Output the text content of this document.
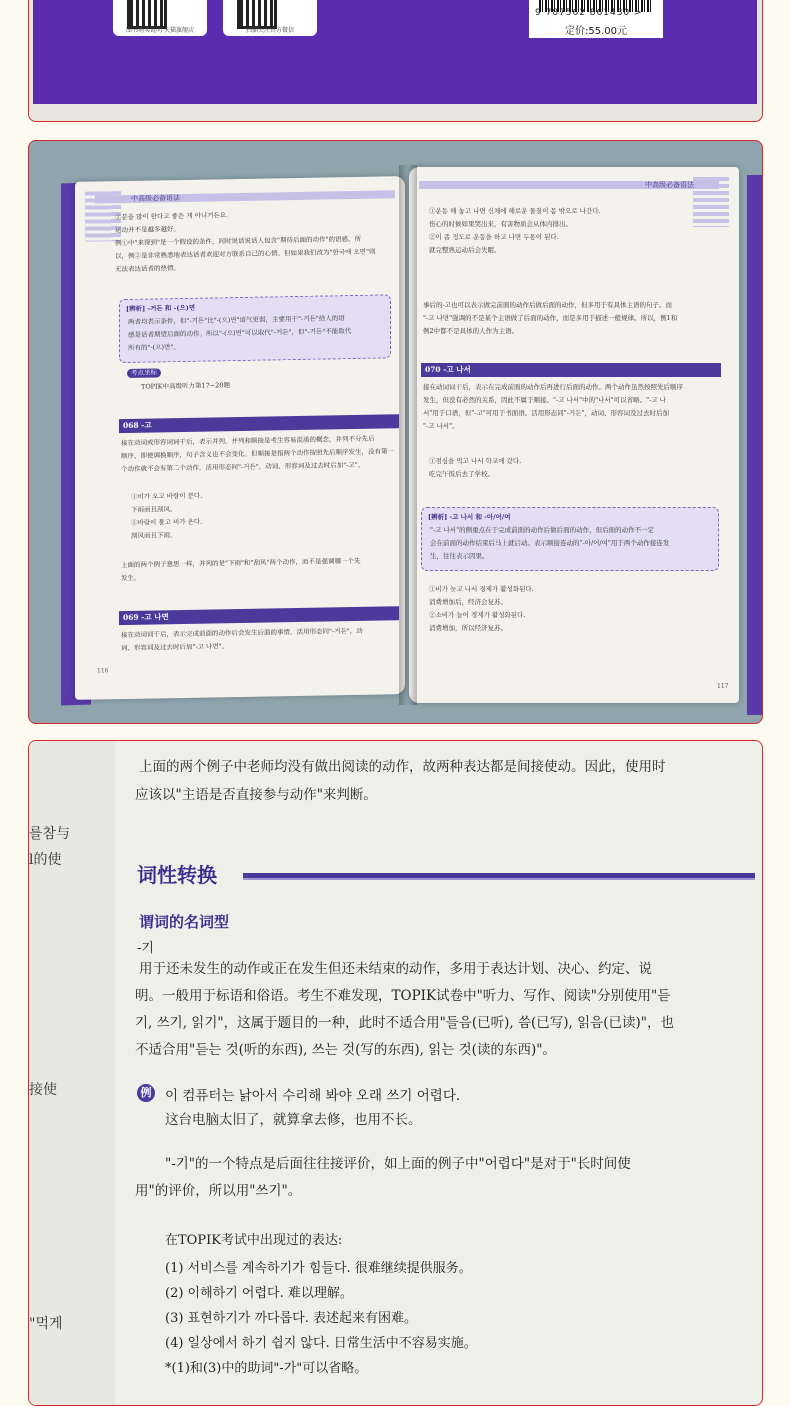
图书购买说明 天猫旗舰店	扫描关注官方微信
9 787562 861430 >
定价:55.00元
中高级必备语法
②분을 많이 한다고 좋은 게 아니거든요.
运动并不是越多越好。
例①中"来得到"是一个假设的条件，同时说话说话人包含"期待后面的动作"的语感，所
以，例②是非常熟悉地表达话者欢迎对方联系自己的心情。但如果我们改为"한국에 오면"则
无法表达话者的热情。
[辨析] -거든 和 -(으)면
两者均表示条件，但"-거든"比"-(으)면"语气更弱，主要用于"-거든"给人的语
感是话者期望后面的动作。所以"-(으)면"可以取代"-거든"，但"-거든"不能取代
所有的"-(으)면"。
考点坐标
TOPIK中高级听力第17~20题
068 -고
接在动词或形容词词干后，表示并列。并列和顺接是考生容易混淆的概念，并列不分先后
顺序，即使调换顺序，句子含义也不会变化。但顺接是指两个动作按照先后顺序发生，没有第一
个动作就不会有第二个动作。活用形态同"-거든"，动词、形容词及过去时后加"-고"。
①비가 오고 바람이 분다.
下雨而且刮风。
②바람이 불고 비가 온다.
刮风而且下雨。
上面的两个例子意思一样，并列的是"下雨"和"刮风"两个动作，而不是强调哪一个先
发生。
069 -고 나면
接在动词词干后，表示完成前面的动作后会发生后面的事情。活用形态同"-거든"，动
词、形容词及过去时后加"-고 나면"。
116
中高级必备语法
①운동 해 놓고 나면 신체에 해로운 물질이 몸 밖으로 나간다.
伤心的时候如果哭出来，有害物质会从体内排出。
②이 좀 정도로 운동을 하고 나면 두통이 된다.
就完整熟运动后会失眠。
事后的-고也可以表示做完前面的动作后做后面的动作，但多用于有具体主语的句子。而
"-고 나면"强调的不是某个主语做了后面的动作，而是多用于描述一般规律。所以，例1和
例2中都不是具体的人作为主语。
070 -고 나서
接在动词词干后，表示在完成前面的动作后再进行后面的动作。两个动作虽然按照先后顺序
发生，但没有必然的关系，因此不属于顺接。"-고 나서"中的"나서"可以省略。"-고 나
서"用于口语，但"-고"可用于书面语。活用形态同"-거든"，动词、形容词及过去时后加
"-고 나서"。
①점심을 먹고 나서 학교에 갔다.
吃完午饭后去了学校。
[辨析] -고 나서 和 -아/어/여
"-고 나서"的侧重点在于完成前面的动作后做后面的动作，但后面的动作不一定
会在前面的动作结束后马上就启动。表示顺接连动的"-아/어/여"用于两个动作接连发
生，往往表示因果。
①비가 늦고 나서 경제가 활성화된다.
消费增加后，经济会复苏。
②소비가 늘어 경제가 활성화된다.
消费增加，所以经济复苏。
117
를참与
l的使
接使
"먹게
上面的两个例子中老师均没有做出阅读的动作，故两种表达都是间接使动。因此，使用时
应该以"主语是否直接参与动作"来判断。
词性转换
谓词的名词型
-기
用于还未发生的动作或正在发生但还未结束的动作，多用于表达计划、决心、约定、说
明。一般用于标语和俗语。考生不难发现，TOPIK试卷中"听力、写作、阅读"分别使用"듣
기, 쓰기, 읽기"，这属于题目的一种，此时不适合用"들음(已听), 씀(已写), 읽음(已读)"，也
不适合用"듣는 것(听的东西), 쓰는 것(写的东西), 읽는 것(读的东西)"。
例 이 컴퓨터는 낡아서 수리해 봐야 오래 쓰기 어렵다.
这台电脑太旧了，就算拿去修，也用不长。
"-기"的一个特点是后面往往接评价，如上面的例子中"어렵다"是对于"长时间使
用"的评价，所以用"쓰기"。
在TOPIK考试中出现过的表达:
(1) 서비스를 계속하기가 힘들다. 很难继续提供服务。
(2) 이해하기 어렵다. 难以理解。
(3) 표현하기가 까다롭다. 表述起来有困难。
(4) 일상에서 하기 쉽지 않다. 日常生活中不容易实施。
*(1)和(3)中的助词"-가"可以省略。
